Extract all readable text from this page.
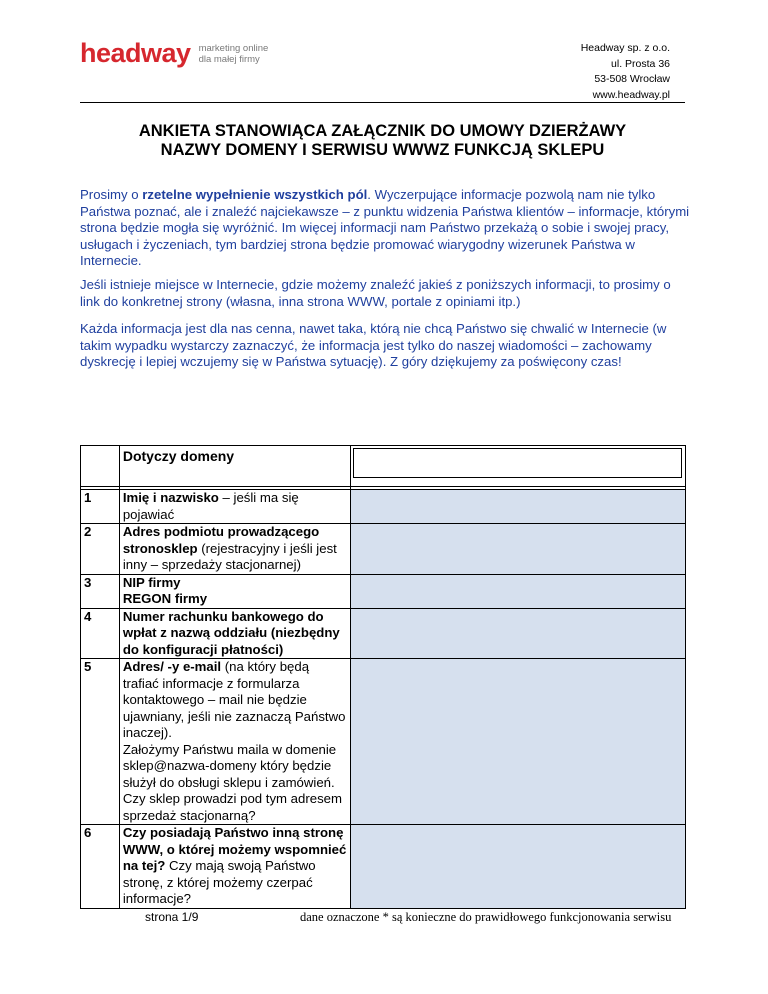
headway marketing online
dla małej firmy
Headway sp. z o.o.
ul. Prosta 36
53-508 Wrocław
www.headway.pl
ANKIETA STANOWIĄCA ZAŁĄCZNIK DO UMOWY DZIERŻAWY
NAZWY DOMENY I SERWISU WWWZ FUNKCJĄ SKLEPU
Prosimy o rzetelne wypełnienie wszystkich pól. Wyczerpujące informacje pozwolą nam nie tylko Państwa poznać, ale i znaleźć najciekawsze – z punktu widzenia Państwa klientów – informacje, którymi strona będzie mogła się wyróżnić. Im więcej informacji nam Państwo przekażą o sobie i swojej pracy, usługach i życzeniach, tym bardziej strona będzie promować wiarygodny wizerunek Państwa w Internecie.
Jeśli istnieje miejsce w Internecie, gdzie możemy znaleźć jakieś z poniższych informacji, to prosimy o link do konkretnej strony (własna, inna strona WWW, portale z opiniami itp.)
Każda informacja jest dla nas cenna, nawet taka, którą nie chcą Państwo się chwalić w Internecie (w takim wypadku wystarczy zaznaczyć, że informacja jest tylko do naszej wiadomości – zachowamy dyskrecję i lepiej wczujemy się w Państwa sytuację). Z góry dziękujemy za poświęcony czas!
	Dotyczy domeny	

1	Imię i nazwisko – jeśli ma się pojawiać	
2	Adres podmiotu prowadzącego stronosklep (rejestracyjny i jeśli jest inny – sprzedaży stacjonarnej)	
3	NIP firmy
REGON firmy	
4	Numer rachunku bankowego do wpłat z nazwą oddziału (niezbędny do konfiguracji płatności)	
5	Adres/ -y e-mail (na który będą trafiać informacje z formularza kontaktowego – mail nie będzie ujawniany, jeśli nie zaznaczą Państwo inaczej).
Założymy Państwu maila w domenie sklep@nazwa-domeny który będzie służył do obsługi sklepu i zamówień.
Czy sklep prowadzi pod tym adresem sprzedaż stacjonarną?	
6	Czy posiadają Państwo inną stronę WWW, o której możemy wspomnieć na tej? Czy mają swoją Państwo stronę, z której możemy czerpać informacje?	
strona 1/9	dane oznaczone * są konieczne do prawidłowego funkcjonowania serwisu
